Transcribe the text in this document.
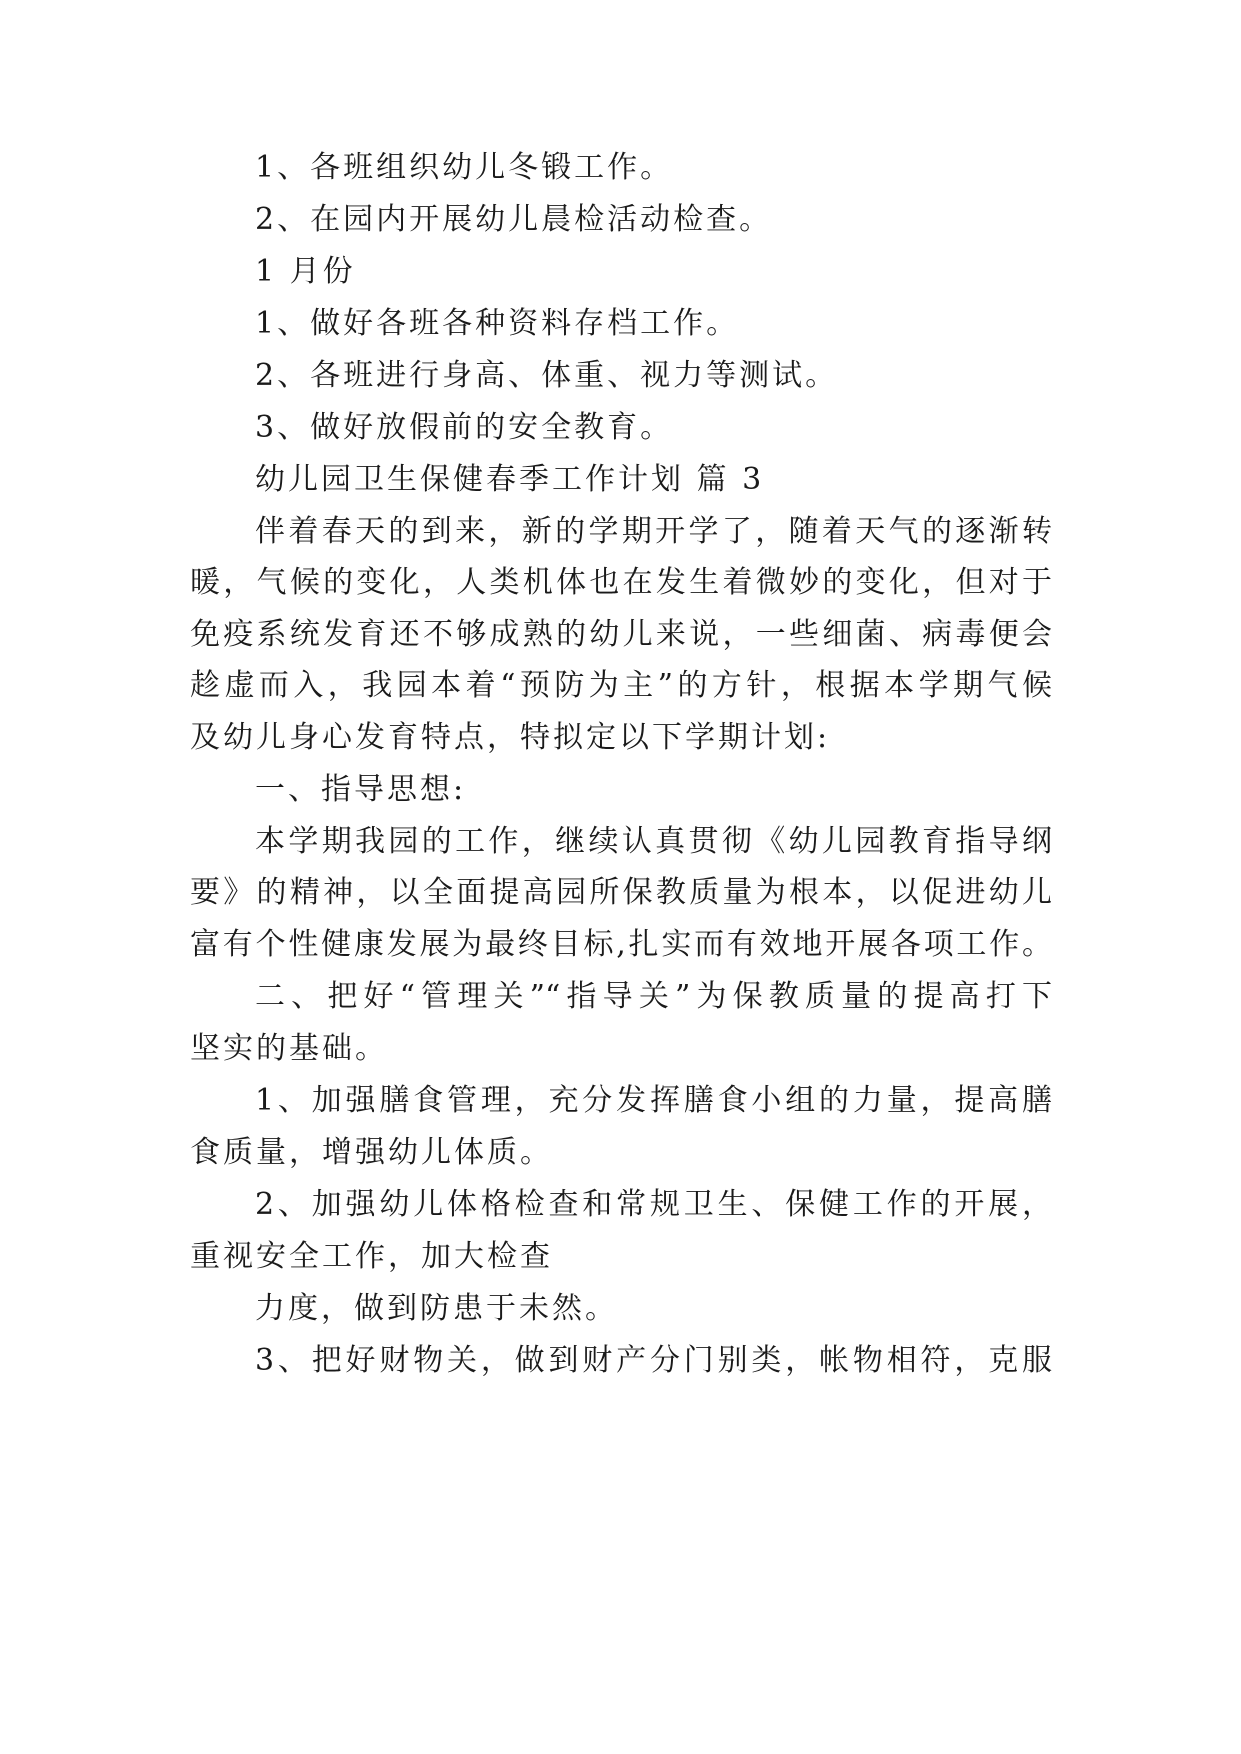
1、各班组织幼儿冬锻工作。
2、在园内开展幼儿晨检活动检查。
1 月份
1、做好各班各种资料存档工作。
2、各班进行身高、体重、视力等测试。
3、做好放假前的安全教育。
幼儿园卫生保健春季工作计划 篇 3
伴着春天的到来，新的学期开学了，随着天气的逐渐转
暖，气候的变化，人类机体也在发生着微妙的变化，但对于
免疫系统发育还不够成熟的幼儿来说，一些细菌、病毒便会
趁虚而入，我园本着“预防为主”的方针，根据本学期气候
及幼儿身心发育特点，特拟定以下学期计划:
一、指导思想:
本学期我园的工作，继续认真贯彻《幼儿园教育指导纲
要》的精神，以全面提高园所保教质量为根本，以促进幼儿
富有个性健康发展为最终目标,扎实而有效地开展各项工作。
二、把好“管理关”“指导关”为保教质量的提高打下
坚实的基础。
1、加强膳食管理，充分发挥膳食小组的力量，提高膳
食质量，增强幼儿体质。
2、加强幼儿体格检查和常规卫生、保健工作的开展，
重视安全工作，加大检查
力度，做到防患于未然。
3、把好财物关，做到财产分门别类，帐物相符，克服
